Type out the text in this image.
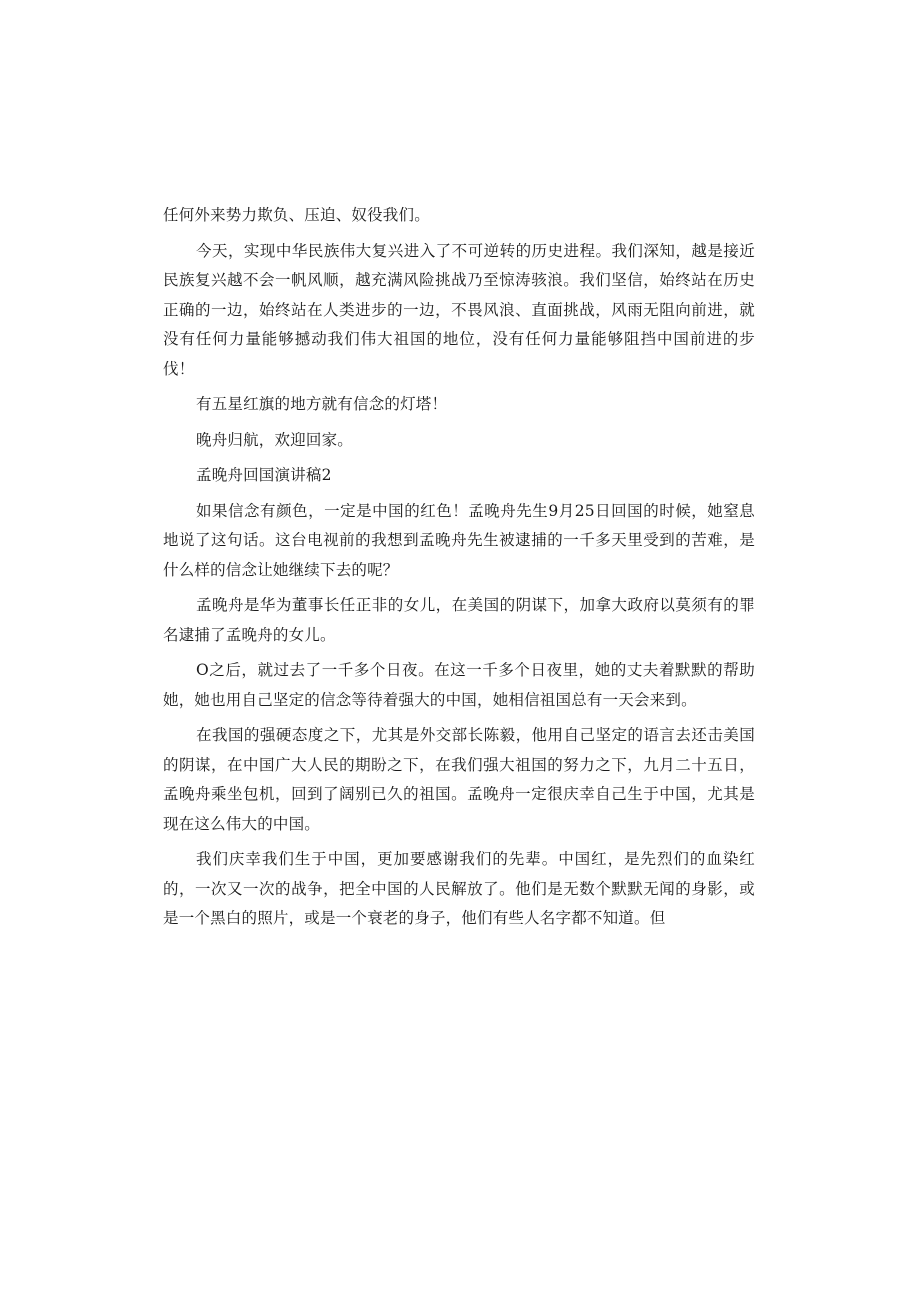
任何外来势力欺负、压迫、奴役我们。

今天，实现中华民族伟大复兴进入了不可逆转的历史进程。我们深知，越是接近民族复兴越不会一帆风顺，越充满风险挑战乃至惊涛骇浪。我们坚信，始终站在历史正确的一边，始终站在人类进步的一边，不畏风浪、直面挑战，风雨无阻向前进，就没有任何力量能够撼动我们伟大祖国的地位，没有任何力量能够阻挡中国前进的步伐！

有五星红旗的地方就有信念的灯塔！

晚舟归航，欢迎回家。

孟晚舟回国演讲稿2

如果信念有颜色，一定是中国的红色！孟晚舟先生9月25日回国的时候，她窒息地说了这句话。这台电视前的我想到孟晚舟先生被逮捕的一千多天里受到的苦难，是什么样的信念让她继续下去的呢？

孟晚舟是华为董事长任正非的女儿，在美国的阴谋下，加拿大政府以莫须有的罪名逮捕了孟晚舟的女儿。

O之后，就过去了一千多个日夜。在这一千多个日夜里，她的丈夫着默默的帮助她，她也用自己坚定的信念等待着强大的中国，她相信祖国总有一天会来到。

在我国的强硬态度之下，尤其是外交部长陈毅，他用自己坚定的语言去还击美国的阴谋，在中国广大人民的期盼之下，在我们强大祖国的努力之下，九月二十五日，孟晚舟乘坐包机，回到了阔别已久的祖国。孟晚舟一定很庆幸自己生于中国，尤其是现在这么伟大的中国。

我们庆幸我们生于中国，更加要感谢我们的先辈。中国红，是先烈们的血染红的，一次又一次的战争，把全中国的人民解放了。他们是无数个默默无闻的身影，或是一个黑白的照片，或是一个衰老的身子，他们有些人名字都不知道。但
